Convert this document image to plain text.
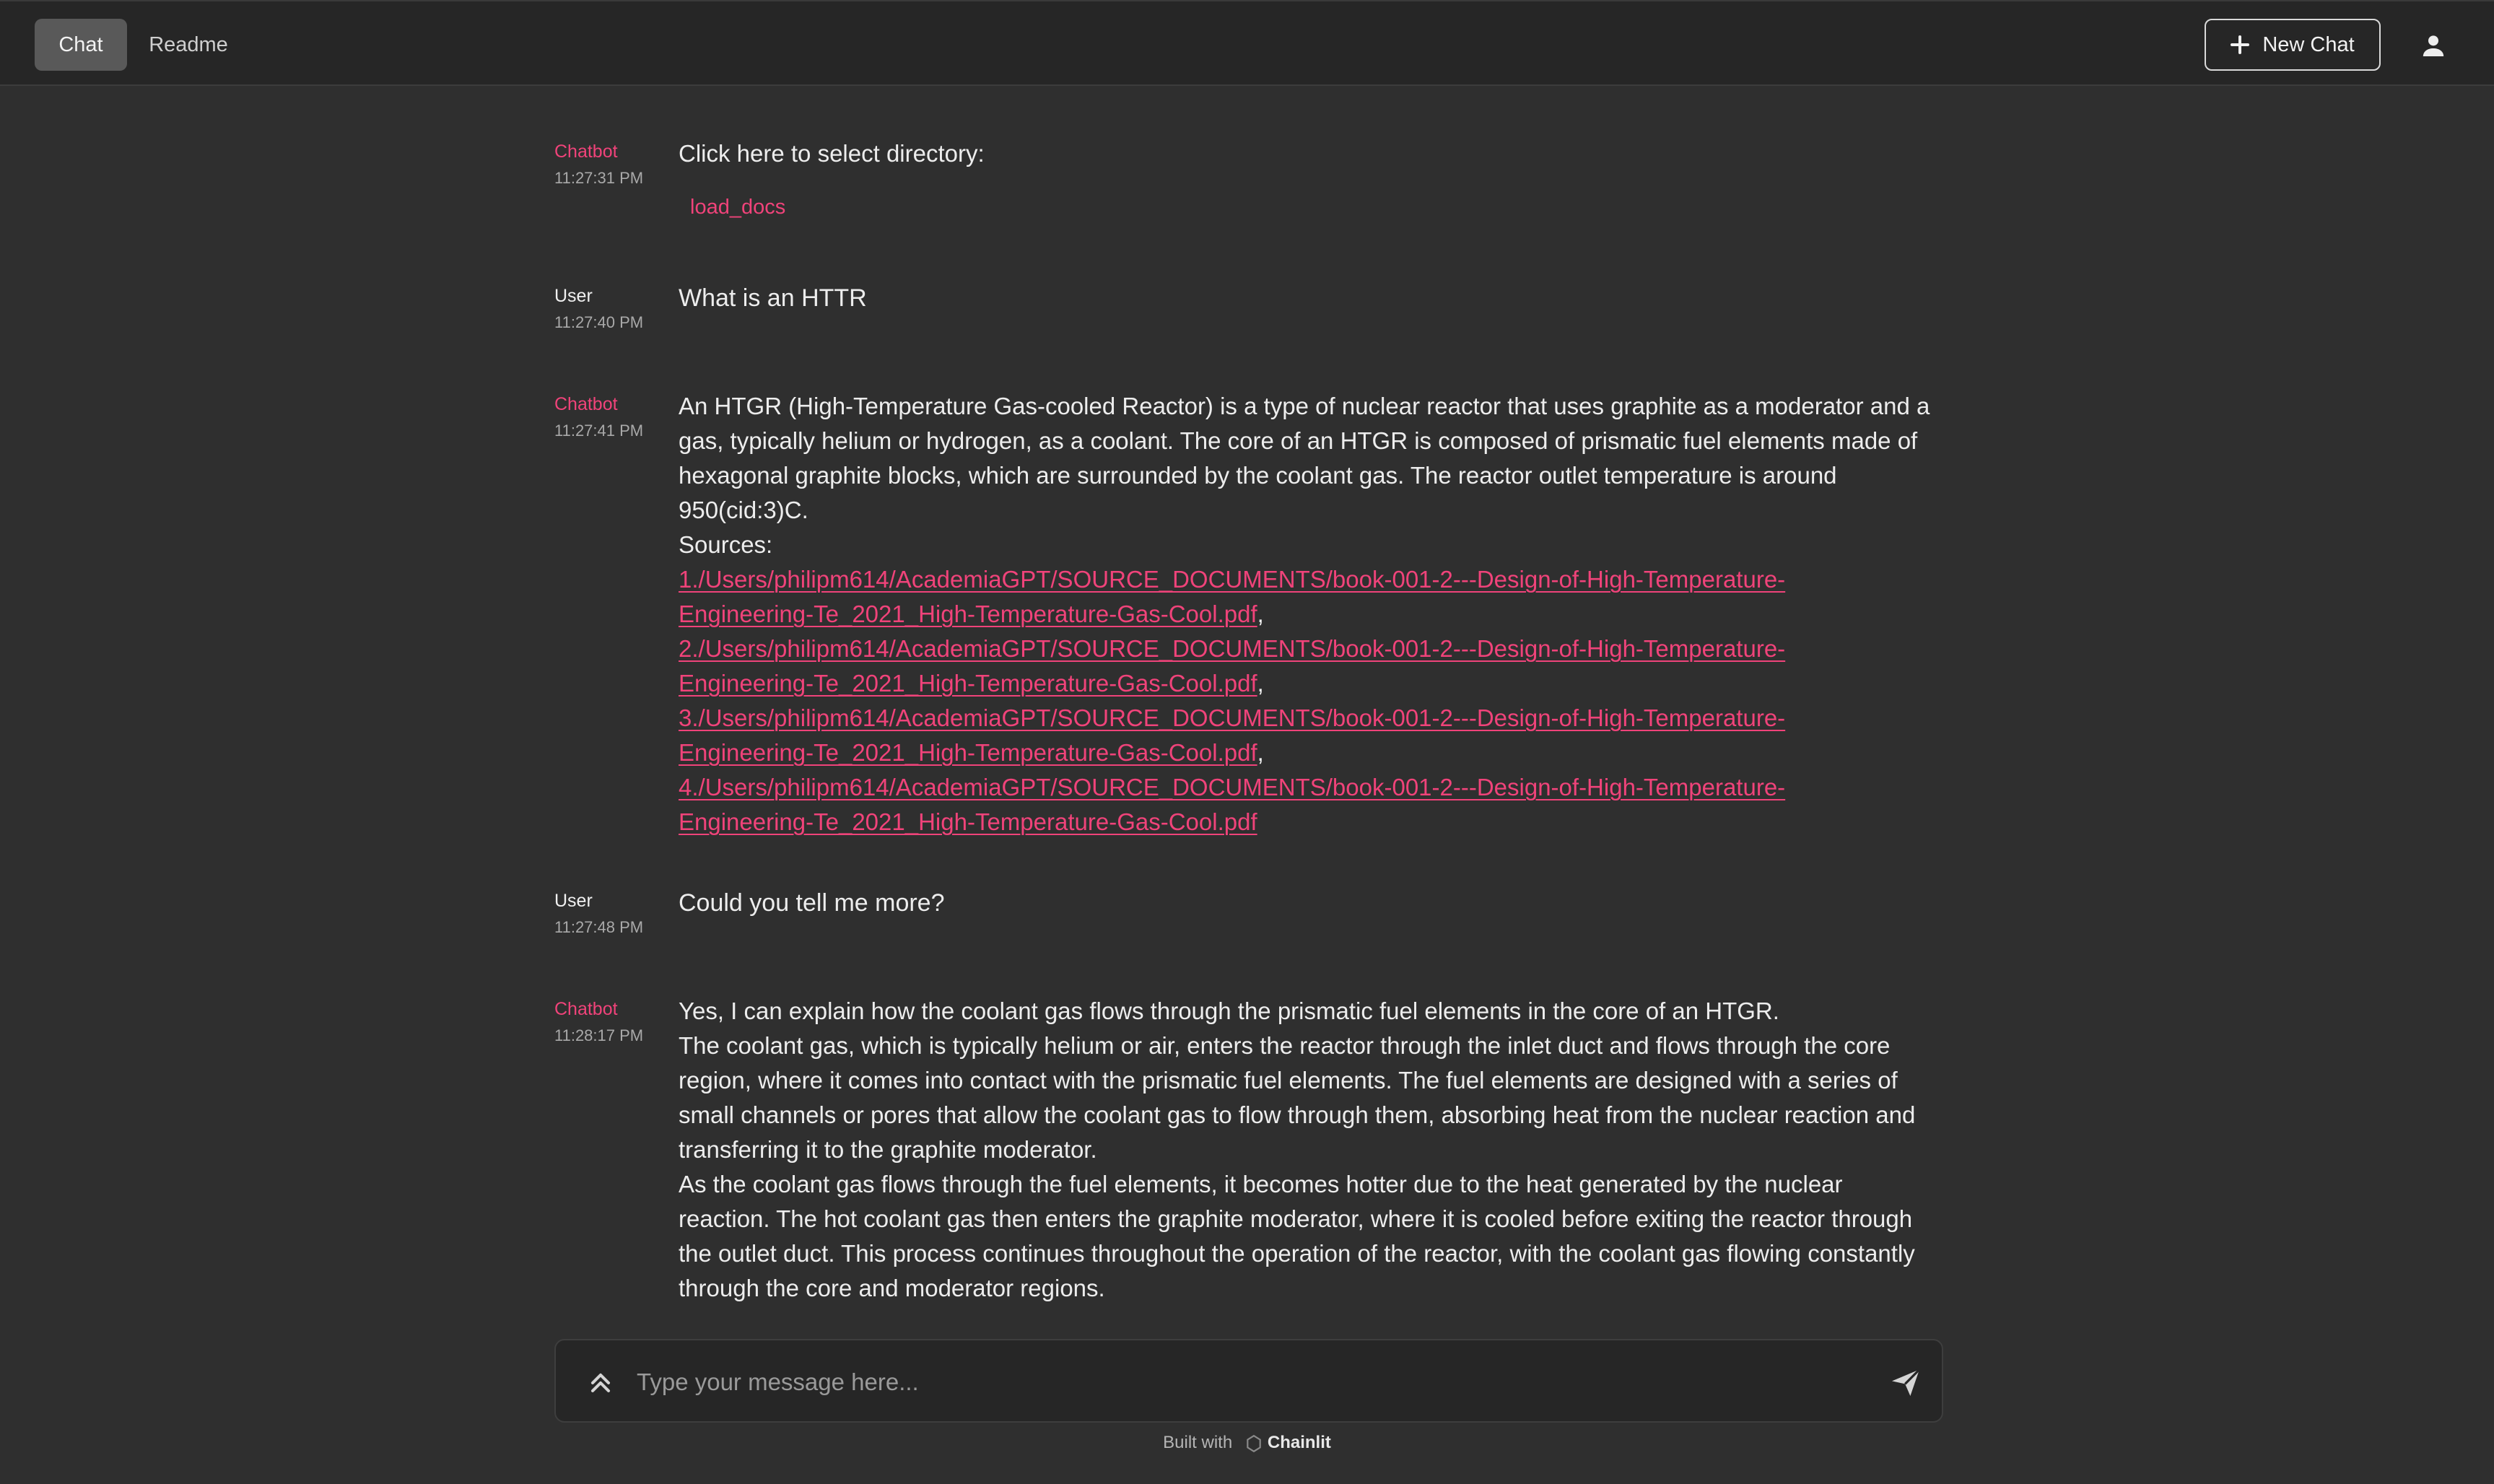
Chat Readme	New Chat
Chatbot
11:27:31 PM

Click here to select directory:

load_docs
User
11:27:40 PM

What is an HTTR

Chatbot
11:27:41 PM

An HTGR (High-Temperature Gas-cooled Reactor) is a type of nuclear reactor that uses graphite as a moderator and a gas, typically helium or hydrogen, as a coolant. The core of an HTGR is composed of prismatic fuel elements made of hexagonal graphite blocks, which are surrounded by the coolant gas. The reactor outlet temperature is around 950(cid:3)C.

Sources:

1./Users/philipm614/AcademiaGPT/SOURCE_DOCUMENTS/book-001-2---Design-of-High-Temperature-
Engineering-Te_2021_High-Temperature-Gas-Cool.pdf,

2./Users/philipm614/AcademiaGPT/SOURCE_DOCUMENTS/book-001-2---Design-of-High-Temperature-
Engineering-Te_2021_High-Temperature-Gas-Cool.pdf,

3./Users/philipm614/AcademiaGPT/SOURCE_DOCUMENTS/book-001-2---Design-of-High-Temperature-
Engineering-Te_2021_High-Temperature-Gas-Cool.pdf,

4./Users/philipm614/AcademiaGPT/SOURCE_DOCUMENTS/book-001-2---Design-of-High-Temperature-
Engineering-Te_2021_High-Temperature-Gas-Cool.pdf

User
11:27:48 PM

Could you tell me more?

Chatbot
11:28:17 PM

Yes, I can explain how the coolant gas flows through the prismatic fuel elements in the core of an HTGR.

The coolant gas, which is typically helium or air, enters the reactor through the inlet duct and flows through the core region, where it comes into contact with the prismatic fuel elements. The fuel elements are designed with a series of small channels or pores that allow the coolant gas to flow through them, absorbing heat from the nuclear reaction and transferring it to the graphite moderator.

As the coolant gas flows through the fuel elements, it becomes hotter due to the heat generated by the nuclear reaction. The hot coolant gas then enters the graphite moderator, where it is cooled before exiting the reactor through the outlet duct. This process continues throughout the operation of the reactor, with the coolant gas flowing constantly through the core and moderator regions.

Type your message here...
Built with Chainlit
